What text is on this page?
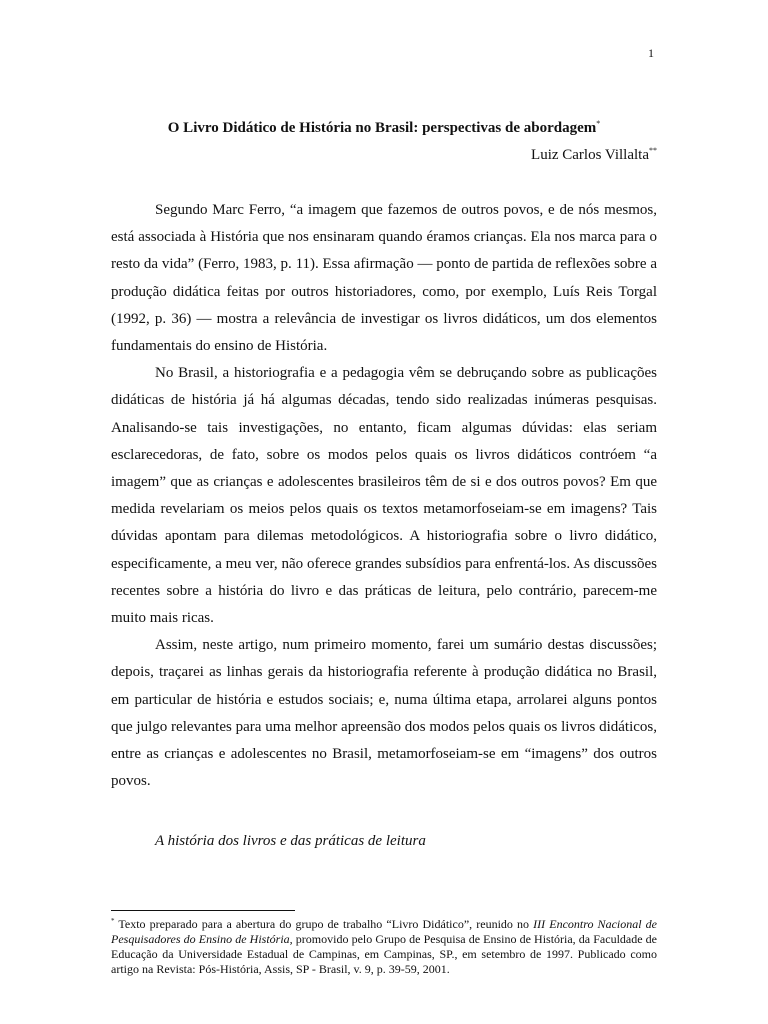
1
O Livro Didático de História no Brasil: perspectivas de abordagem*
Luiz Carlos Villalta**

Segundo Marc Ferro, “a imagem que fazemos de outros povos, e de nós mesmos, está associada à História que nos ensinaram quando éramos crianças. Ela nos marca para o resto da vida” (Ferro, 1983, p. 11). Essa afirmação — ponto de partida de reflexões sobre a produção didática feitas por outros historiadores, como, por exemplo, Luís Reis Torgal (1992, p. 36) — mostra a relevância de investigar os livros didáticos, um dos elementos fundamentais do ensino de História.

No Brasil, a historiografia e a pedagogia vêm se debruçando sobre as publicações didáticas de história já há algumas décadas, tendo sido realizadas inúmeras pesquisas. Analisando-se tais investigações, no entanto, ficam algumas dúvidas: elas seriam esclarecedoras, de fato, sobre os modos pelos quais os livros didáticos contróem “a imagem” que as crianças e adolescentes brasileiros têm de si e dos outros povos? Em que medida revelariam os meios pelos quais os textos metamorfoseiam-se em imagens? Tais dúvidas apontam para dilemas metodológicos. A historiografia sobre o livro didático, especificamente, a meu ver, não oferece grandes subsídios para enfrentá-los. As discussões recentes sobre a história do livro e das práticas de leitura, pelo contrário, parecem-me muito mais ricas.

Assim, neste artigo, num primeiro momento, farei um sumário destas discussões; depois, traçarei as linhas gerais da historiografia referente à produção didática no Brasil, em particular de história e estudos sociais; e, numa última etapa, arrolarei alguns pontos que julgo relevantes para uma melhor apreensão dos modos pelos quais os livros didáticos, entre as crianças e adolescentes no Brasil, metamorfoseiam-se em “imagens” dos outros povos.

A história dos livros e das práticas de leitura
* Texto preparado para a abertura do grupo de trabalho “Livro Didático”, reunido no III Encontro Nacional de Pesquisadores do Ensino de História, promovido pelo Grupo de Pesquisa de Ensino de História, da Faculdade de Educação da Universidade Estadual de Campinas, em Campinas, SP., em setembro de 1997. Publicado como artigo na Revista: Pós-História, Assis, SP - Brasil, v. 9, p. 39-59, 2001.
